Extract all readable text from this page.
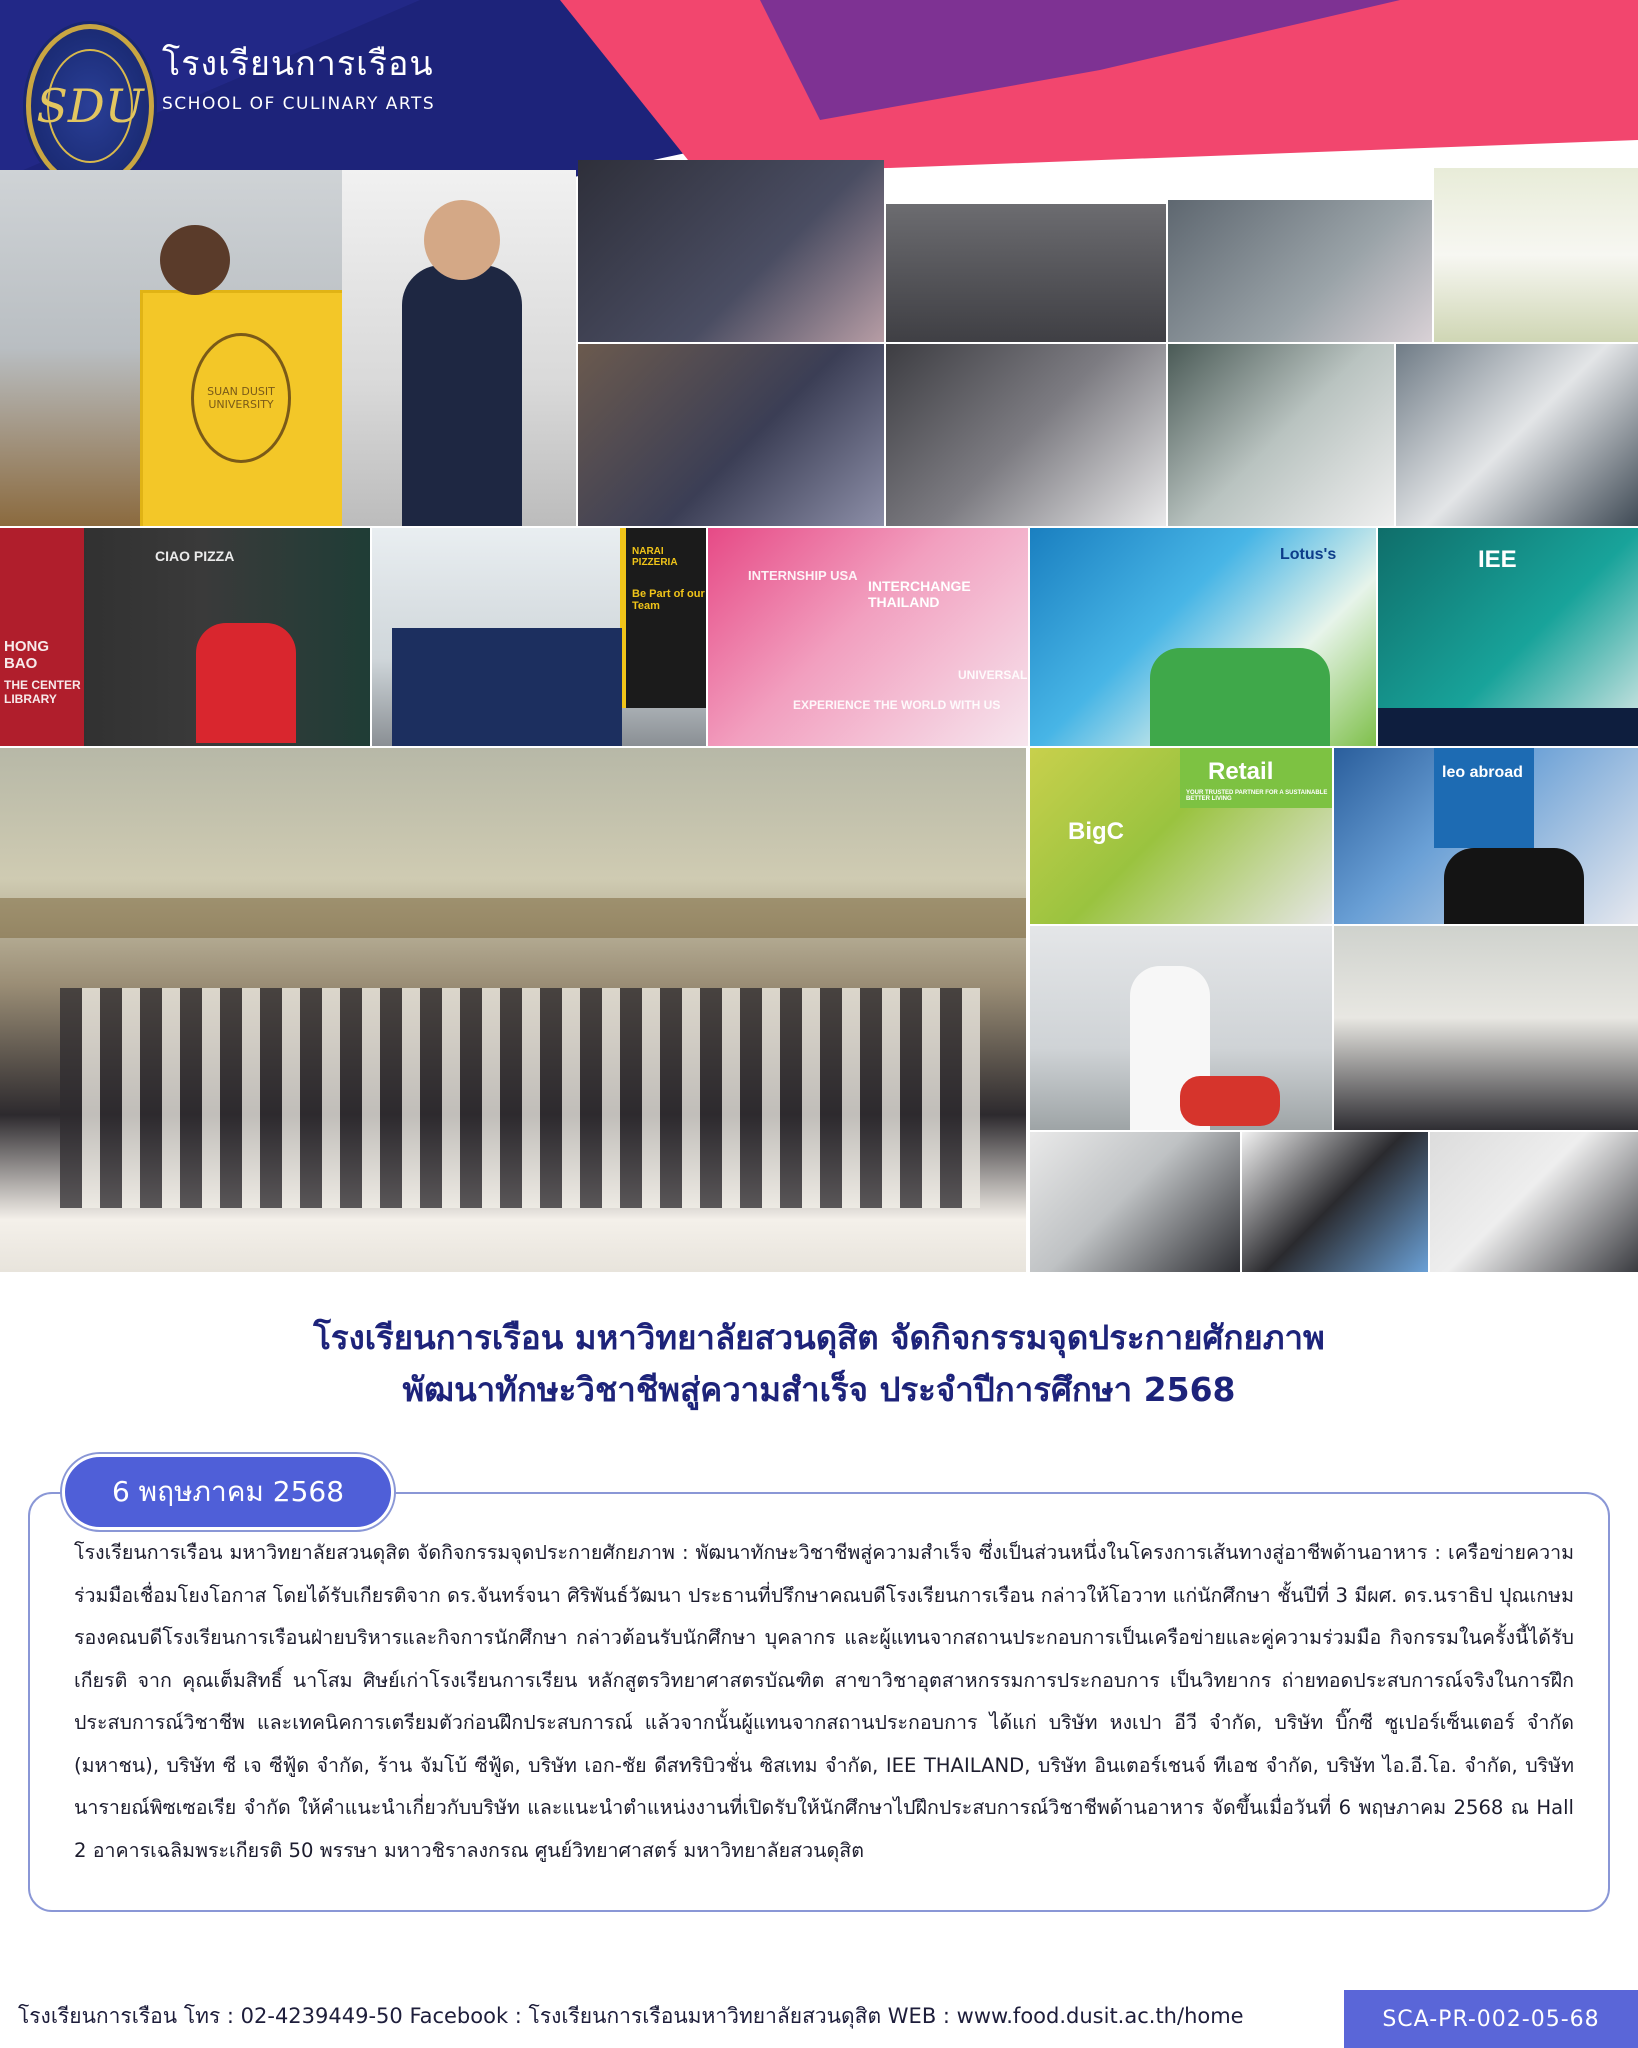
SDU
โรงเรียนการเรือน
SCHOOL OF CULINARY ARTS
SUAN DUSIT UNIVERSITY
HONG BAO
THE CENTER LIBRARY
CIAO PIZZA	NARAI PIZZERIA
Be Part of our Team
INTERNSHIP USA
INTERCHANGE THAILAND
EXPERIENCE THE WORLD WITH US
UNIVERSAL
Lotus's	IEE
Retail
YOUR TRUSTED PARTNER FOR A SUSTAINABLE BETTER LIVING
BigC
leo abroad
โรงเรียนการเรือน มหาวิทยาลัยสวนดุสิต จัดกิจกรรมจุดประกายศักยภาพ
พัฒนาทักษะวิชาชีพสู่ความสำเร็จ ประจำปีการศึกษา 2568
6 พฤษภาคม 2568
โรงเรียนการเรือน มหาวิทยาลัยสวนดุสิต จัดกิจกรรมจุดประกายศักยภาพ : พัฒนาทักษะวิชาชีพสู่ความสำเร็จ ซึ่งเป็นส่วนหนึ่งในโครงการเส้นทางสู่อาชีพด้านอาหาร : เครือข่ายความร่วมมือเชื่อมโยงโอกาส โดยได้รับเกียรติจาก ดร.จันทร์จนา ศิริพันธ์วัฒนา ประธานที่ปรึกษาคณบดีโรงเรียนการเรือน กล่าวให้โอวาท แก่นักศึกษา ชั้นปีที่ 3 มีผศ. ดร.นราธิป ปุณเกษม รองคณบดีโรงเรียนการเรือนฝ่ายบริหารและกิจการนักศึกษา กล่าวต้อนรับนักศึกษา บุคลากร และผู้แทนจากสถานประกอบการเป็นเครือข่ายและคู่ความร่วมมือ กิจกรรมในครั้งนี้ได้รับเกียรติ จาก คุณเต็มสิทธิ์ นาโสม ศิษย์เก่าโรงเรียนการเรียน หลักสูตรวิทยาศาสตรบัณฑิต สาขาวิชาอุตสาหกรรมการประกอบการ เป็นวิทยากร ถ่ายทอดประสบการณ์จริงในการฝึกประสบการณ์วิชาชีพ และเทคนิคการเตรียมตัวก่อนฝึกประสบการณ์ แล้วจากนั้นผู้แทนจากสถานประกอบการ ได้แก่ บริษัท หงเปา อีวี จำกัด, บริษัท บิ๊กซี ซูเปอร์เซ็นเตอร์ จำกัด (มหาชน), บริษัท ซี เจ ซีฟู้ด จำกัด, ร้าน จัมโบ้ ซีฟู้ด, บริษัท เอก-ชัย ดีสทริบิวชั่น ซิสเทม จำกัด, IEE THAILAND, บริษัท อินเตอร์เชนจ์ ทีเอช จำกัด, บริษัท ไอ.อี.โอ. จำกัด, บริษัท นารายณ์พิซเซอเรีย จำกัด ให้คำแนะนำเกี่ยวกับบริษัท และแนะนำตำแหน่งงานที่เปิดรับให้นักศึกษาไปฝึกประสบการณ์วิชาชีพด้านอาหาร จัดขึ้นเมื่อวันที่ 6 พฤษภาคม 2568 ณ Hall 2 อาคารเฉลิมพระเกียรติ 50 พรรษา มหาวชิราลงกรณ ศูนย์วิทยาศาสตร์ มหาวิทยาลัยสวนดุสิต
โรงเรียนการเรือน โทร : 02-4239449-50 Facebook : โรงเรียนการเรือนมหาวิทยาลัยสวนดุสิต WEB : www.food.dusit.ac.th/home	SCA-PR-002-05-68
